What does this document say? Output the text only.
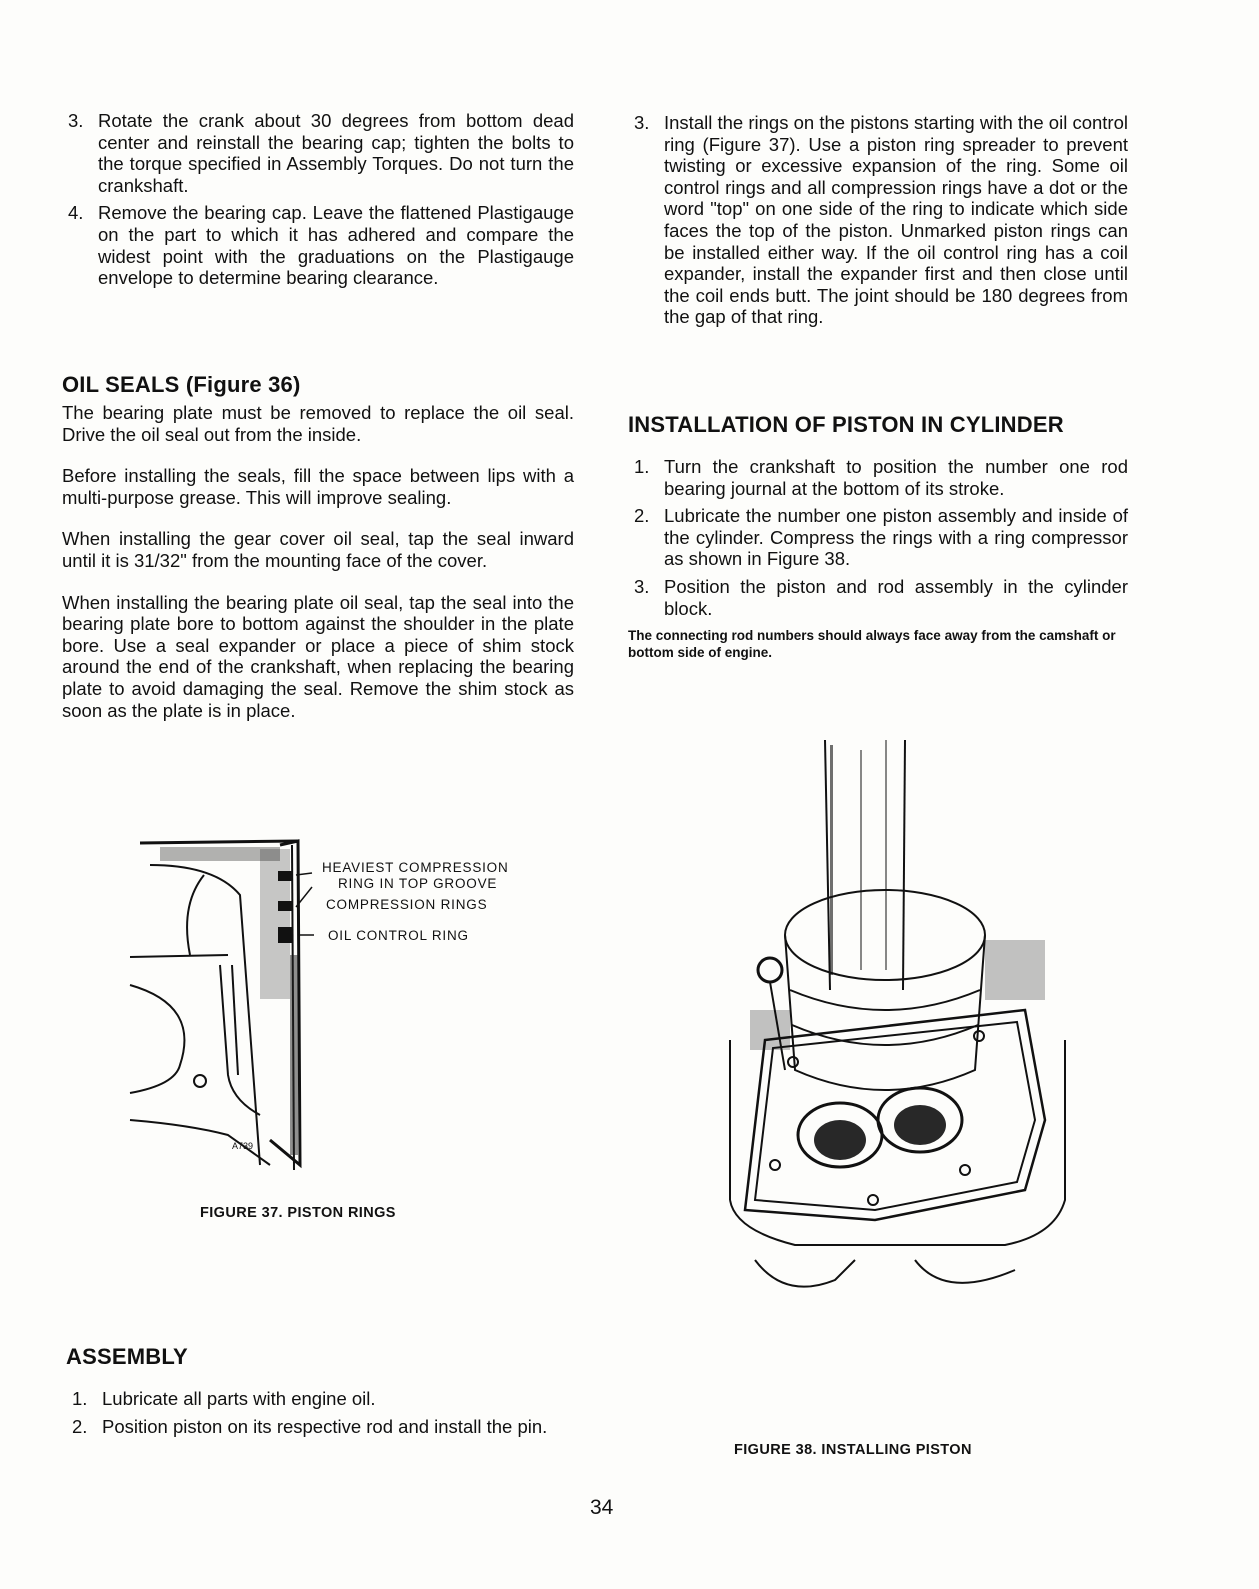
3. Rotate the crank about 30 degrees from bottom dead center and reinstall the bearing cap; tighten the bolts to the torque specified in Assembly Torques. Do not turn the crankshaft.
4. Remove the bearing cap. Leave the flattened Plastigauge on the part to which it has adhered and compare the widest point with the graduations on the Plastigauge envelope to determine bearing clearance.
OIL SEALS (Figure 36)

The bearing plate must be removed to replace the oil seal. Drive the oil seal out from the inside.

Before installing the seals, fill the space between lips with a multi-purpose grease. This will improve sealing.

When installing the gear cover oil seal, tap the seal inward until it is 31/32" from the mounting face of the cover.

When installing the bearing plate oil seal, tap the seal into the bearing plate bore to bottom against the shoulder in the plate bore. Use a seal expander or place a piece of shim stock around the end of the crankshaft, when replacing the bearing plate to avoid damaging the seal. Remove the shim stock as soon as the plate is in place.

A739
HEAVIEST COMPRESSION
RING IN TOP GROOVE
COMPRESSION RINGS
OIL CONTROL RING
FIGURE 37. PISTON RINGS
ASSEMBLY
1. Lubricate all parts with engine oil.
2. Position piston on its respective rod and install the pin.
3. Install the rings on the pistons starting with the oil control ring (Figure 37). Use a piston ring spreader to prevent twisting or excessive expansion of the ring. Some oil control rings and all compression rings have a dot or the word "top" on one side of the ring to indicate which side faces the top of the piston. Unmarked piston rings can be installed either way. If the oil control ring has a coil expander, install the expander first and then close until the coil ends butt. The joint should be 180 degrees from the gap of that ring.
INSTALLATION OF PISTON IN CYLINDER
1. Turn the crankshaft to position the number one rod bearing journal at the bottom of its stroke.
2. Lubricate the number one piston assembly and inside of the cylinder. Compress the rings with a ring compressor as shown in Figure 38.
3. Position the piston and rod assembly in the cylinder block.

The connecting rod numbers should always face away from the camshaft or bottom side of engine.

FIGURE 38. INSTALLING PISTON
34
